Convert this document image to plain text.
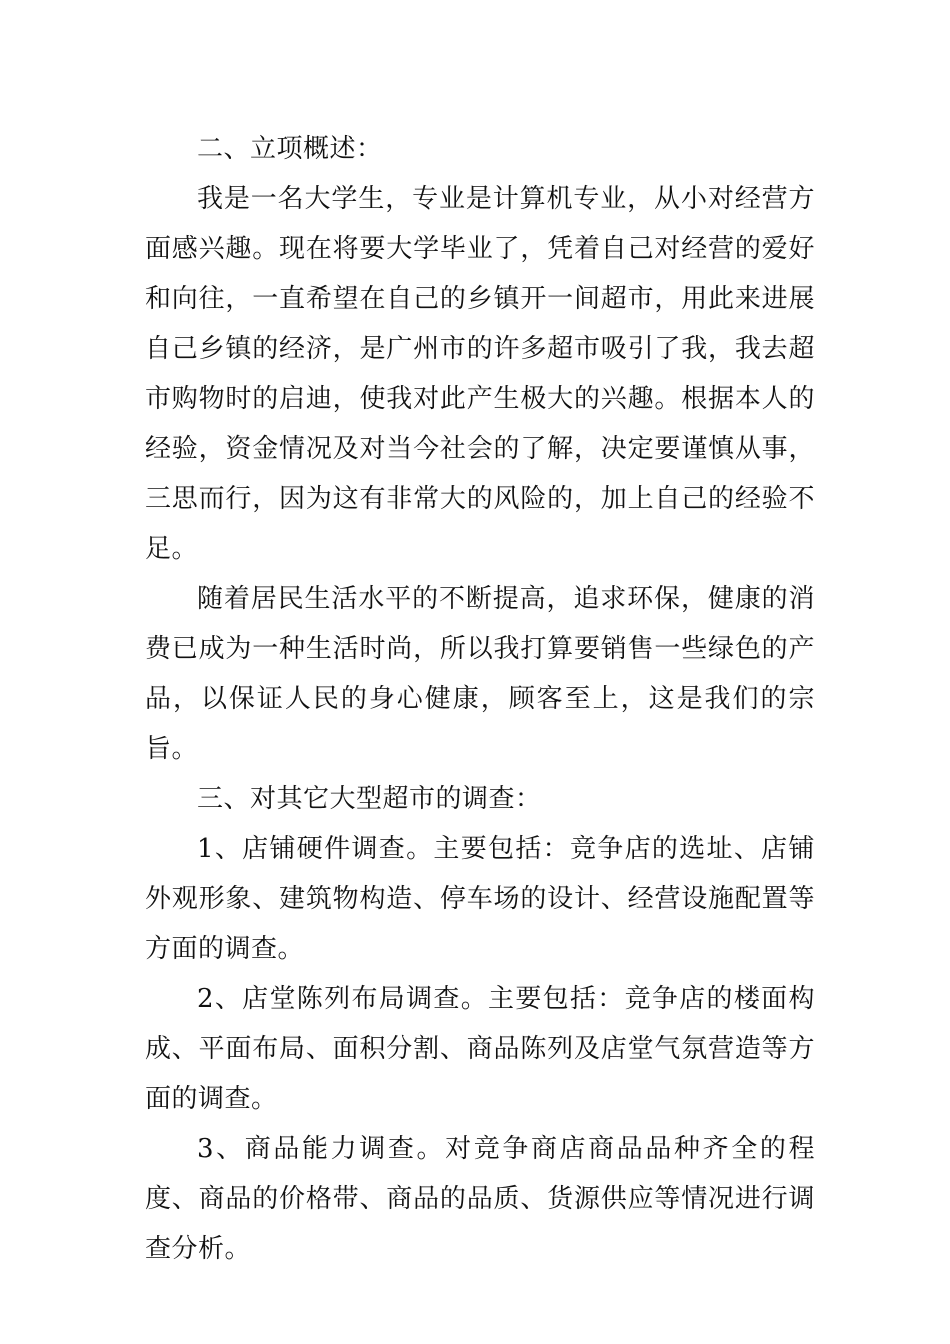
二、立项概述：

我是一名大学生，专业是计算机专业，从小对经营方面感兴趣。现在将要大学毕业了，凭着自己对经营的爱好和向往，一直希望在自己的乡镇开一间超市，用此来进展自己乡镇的经济，是广州市的许多超市吸引了我，我去超市购物时的启迪，使我对此产生极大的兴趣。根据本人的经验，资金情况及对当今社会的了解，决定要谨慎从事，三思而行，因为这有非常大的风险的，加上自己的经验不足。

随着居民生活水平的不断提高，追求环保，健康的消费已成为一种生活时尚，所以我打算要销售一些绿色的产品，以保证人民的身心健康，顾客至上，这是我们的宗旨。

三、对其它大型超市的调查：

1、店铺硬件调查。主要包括：竞争店的选址、店铺外观形象、建筑物构造、停车场的设计、经营设施配置等方面的调查。

2、店堂陈列布局调查。主要包括：竞争店的楼面构成、平面布局、面积分割、商品陈列及店堂气氛营造等方面的调查。

3、商品能力调查。对竞争商店商品品种齐全的程度、商品的价格带、商品的品质、货源供应等情况进行调查分析。
